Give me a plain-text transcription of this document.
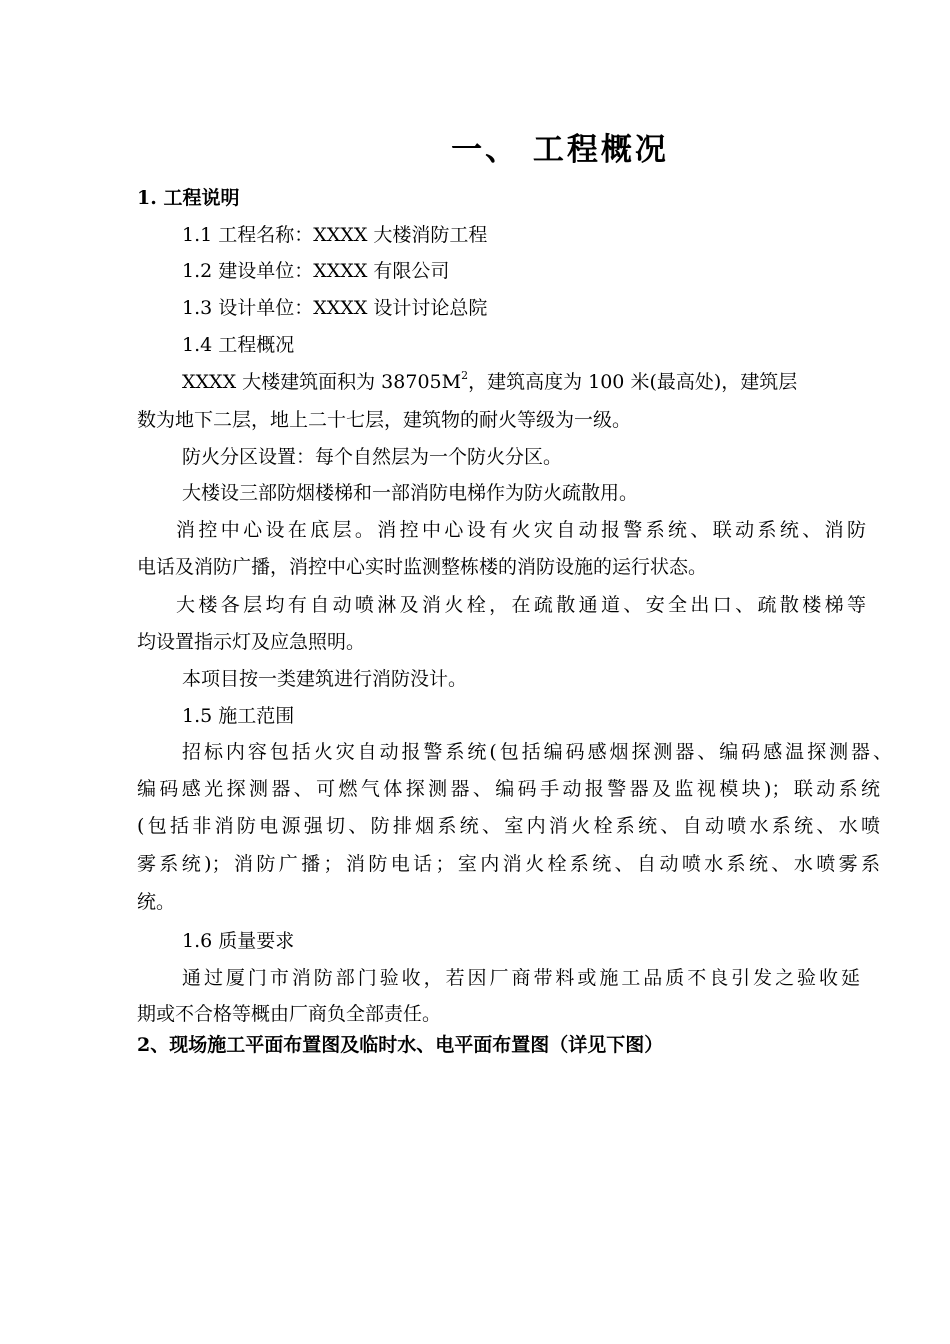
一、 工程概况
1. 工程说明
1.1 工程名称：XXXX 大楼消防工程
1.2 建设单位：XXXX 有限公司
1.3 设计单位：XXXX 设计讨论总院
1.4 工程概况
XXXX 大楼建筑面积为 $38705M^2$，建筑高度为 100 米(最高处)，建筑层
数为地下二层，地上二十七层，建筑物的耐火等级为一级。
防火分区设置：每个自然层为一个防火分区。
大楼设三部防烟楼梯和一部消防电梯作为防火疏散用。
消控中心设在底层。消控中心设有火灾自动报警系统、联动系统、消防
电话及消防广播，消控中心实时监测整栋楼的消防设施的运行状态。
大楼各层均有自动喷淋及消火栓，在疏散通道、安全出口、疏散楼梯等
均设置指示灯及应急照明。
本项目按一类建筑进行消防没计。
1.5 施工范围
招标内容包括火灾自动报警系统(包括编码感烟探测器、编码感温探测器、
编码感光探测器、可燃气体探测器、编码手动报警器及监视模块)；联动系统
(包括非消防电源强切、防排烟系统、室内消火栓系统、自动喷水系统、水喷
雾系统)；消防广播；消防电话；室内消火栓系统、自动喷水系统、水喷雾系
统。
1.6 质量要求
通过厦门市消防部门验收，若因厂商带料或施工品质不良引发之验收延
期或不合格等概由厂商负全部责任。
2、现场施工平面布置图及临时水、电平面布置图（详见下图）
